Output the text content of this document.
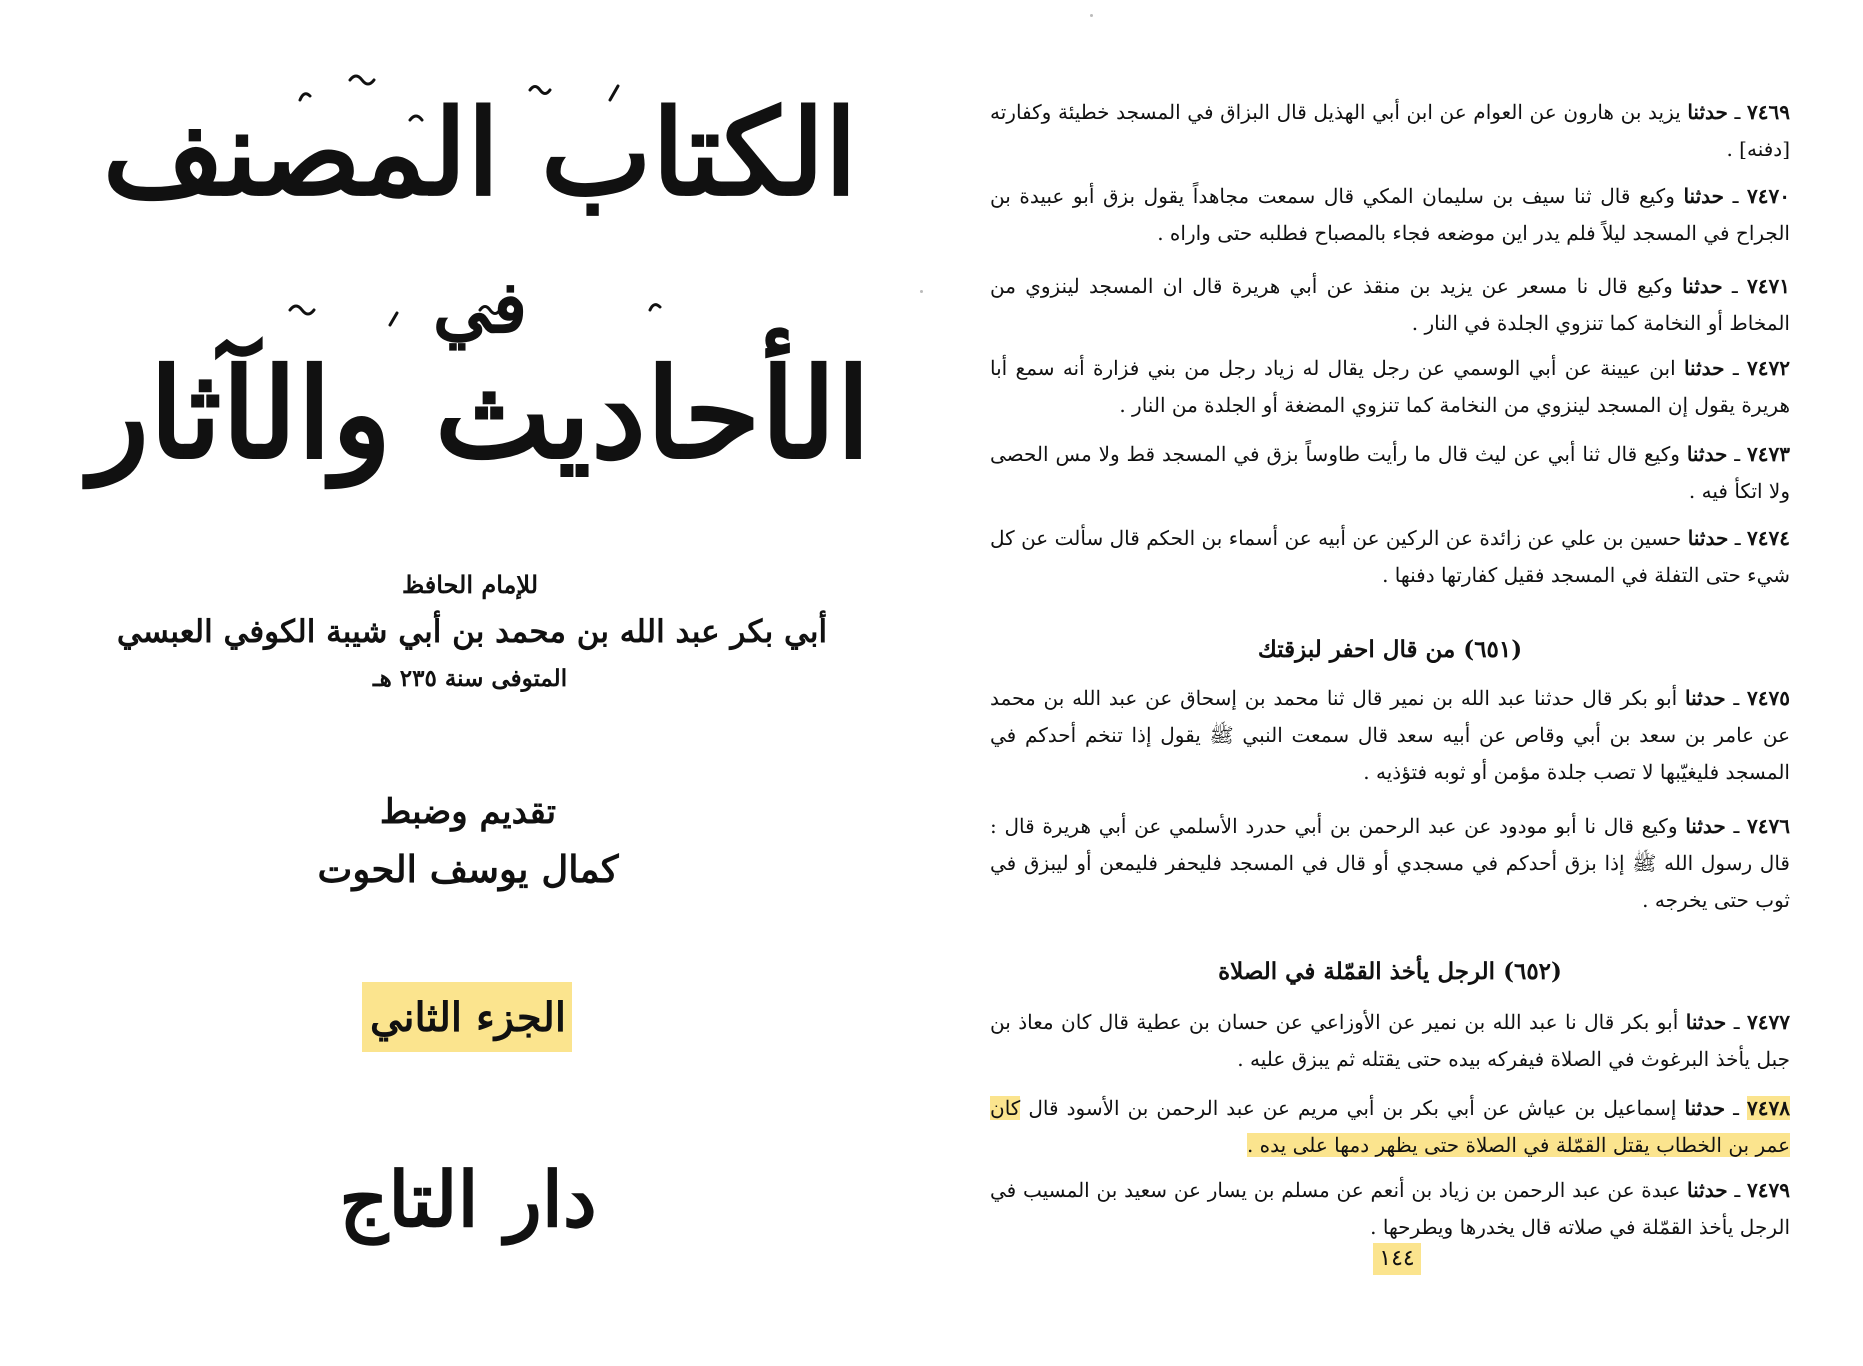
الكتاب المصنف
في
الأحاديث والآثار
للإمام الحافظ
أبي بكر عبد الله بن محمد بن أبي شيبة الكوفي العبسي
المتوفى سنة ٢٣٥ هـ
تقديم وضبط
كمال يوسف الحوت
الجزء الثاني
دار التاج
٧٤٦٩ ـ حدثنا يزيد بن هارون عن العوام عن ابن أبي الهذيل قال البزاق في المسجد خطيئة وكفارته [دفنه] .
٧٤٧٠ ـ حدثنا وكيع قال ثنا سيف بن سليمان المكي قال سمعت مجاهداً يقول بزق أبو عبيدة بن الجراح في المسجد ليلاً فلم يدر اين موضعه فجاء بالمصباح فطلبه حتى واراه .
٧٤٧١ ـ حدثنا وكيع قال نا مسعر عن يزيد بن منقذ عن أبي هريرة قال ان المسجد لينزوي من المخاط أو النخامة كما تنزوي الجلدة في النار .
٧٤٧٢ ـ حدثنا ابن عيينة عن أبي الوسمي عن رجل يقال له زياد رجل من بني فزارة أنه سمع أبا هريرة يقول إن المسجد لينزوي من النخامة كما تنزوي المضغة أو الجلدة من النار .
٧٤٧٣ ـ حدثنا وكيع قال ثنا أبي عن ليث قال ما رأيت طاوساً بزق في المسجد قط ولا مس الحصى ولا اتكأ فيه .
٧٤٧٤ ـ حدثنا حسين بن علي عن زائدة عن الركين عن أبيه عن أسماء بن الحكم قال سألت عن كل شيء حتى التفلة في المسجد فقيل كفارتها دفنها .
(٦٥١) من قال احفر لبزقتك
٧٤٧٥ ـ حدثنا أبو بكر قال حدثنا عبد الله بن نمير قال ثنا محمد بن إسحاق عن عبد الله بن محمد عن عامر بن سعد بن أبي وقاص عن أبيه سعد قال سمعت النبي ﷺ يقول إذا تنخم أحدكم في المسجد فليغيّبها لا تصب جلدة مؤمن أو ثوبه فتؤذيه .
٧٤٧٦ ـ حدثنا وكيع قال نا أبو مودود عن عبد الرحمن بن أبي حدرد الأسلمي عن أبي هريرة قال : قال رسول الله ﷺ إذا بزق أحدكم في مسجدي أو قال في المسجد فليحفر فليمعن أو ليبزق في ثوب حتى يخرجه .
(٦٥٢) الرجل يأخذ القمّلة في الصلاة
٧٤٧٧ ـ حدثنا أبو بكر قال نا عبد الله بن نمير عن الأوزاعي عن حسان بن عطية قال كان معاذ بن جبل يأخذ البرغوث في الصلاة فيفركه بيده حتى يقتله ثم يبزق عليه .
٧٤٧٨ ـ حدثنا إسماعيل بن عياش عن أبي بكر بن أبي مريم عن عبد الرحمن بن الأسود قال كان عمر بن الخطاب يقتل القمّلة في الصلاة حتى يظهر دمها على يده .
٧٤٧٩ ـ حدثنا عبدة عن عبد الرحمن بن زياد بن أنعم عن مسلم بن يسار عن سعيد بن المسيب في الرجل يأخذ القمّلة في صلاته قال يخدرها ويطرحها .
١٤٤
